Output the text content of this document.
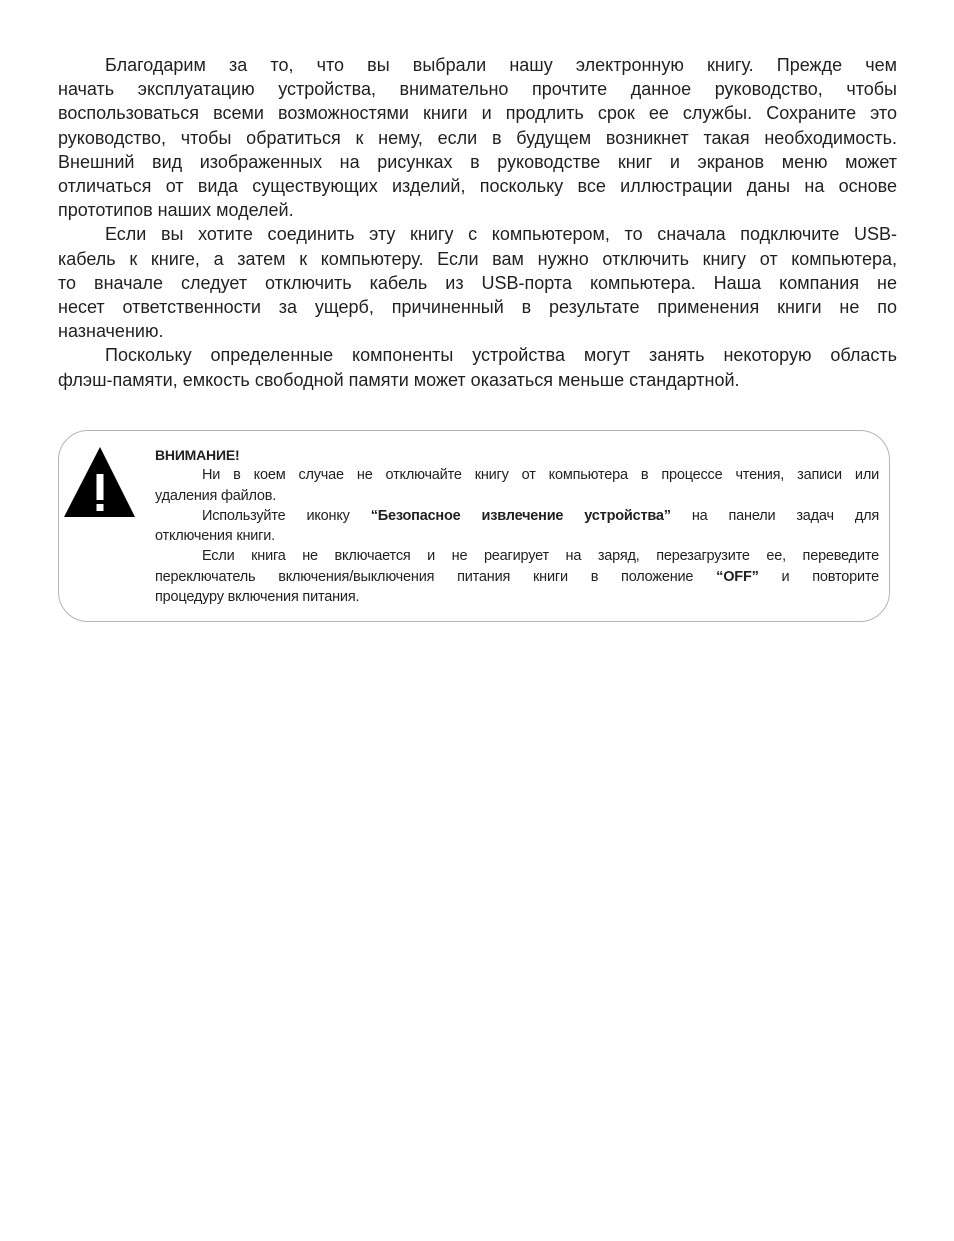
Благодарим за то, что вы выбрали нашу электронную книгу. Прежде чем
начать эксплуатацию устройства, внимательно прочтите данное руководство, чтобы
воспользоваться всеми возможностями книги и продлить срок ее службы. Сохраните это
руководство, чтобы обратиться к нему, если в будущем возникнет такая необходимость.
Внешний вид изображенных на рисунках в руководстве книг и экранов меню может
отличаться от вида существующих изделий, поскольку все иллюстрации даны на основе
прототипов наших моделей.
Если вы хотите соединить эту книгу с компьютером, то сначала подключите USB-
кабель к книге, а затем к компьютеру. Если вам нужно отключить книгу от компьютера,
то вначале следует отключить кабель из USB-порта компьютера. Наша компания не
несет ответственности за ущерб, причиненный в результате применения книги не по
назначению.
Поскольку определенные компоненты устройства могут занять некоторую область
флэш-памяти, емкость свободной памяти может оказаться меньше стандартной.
ВНИМАНИЕ!
Ни в коем случае не отключайте книгу от компьютера в процессе чтения, записи или
удаления файлов.
Используйте иконку “Безопасное извлечение устройства” на панели задач для
отключения книги.
Если книга не включается и не реагирует на заряд, перезагрузите ее, переведите
переключатель включения/выключения питания книги в положение “OFF” и повторите
процедуру включения питания.
